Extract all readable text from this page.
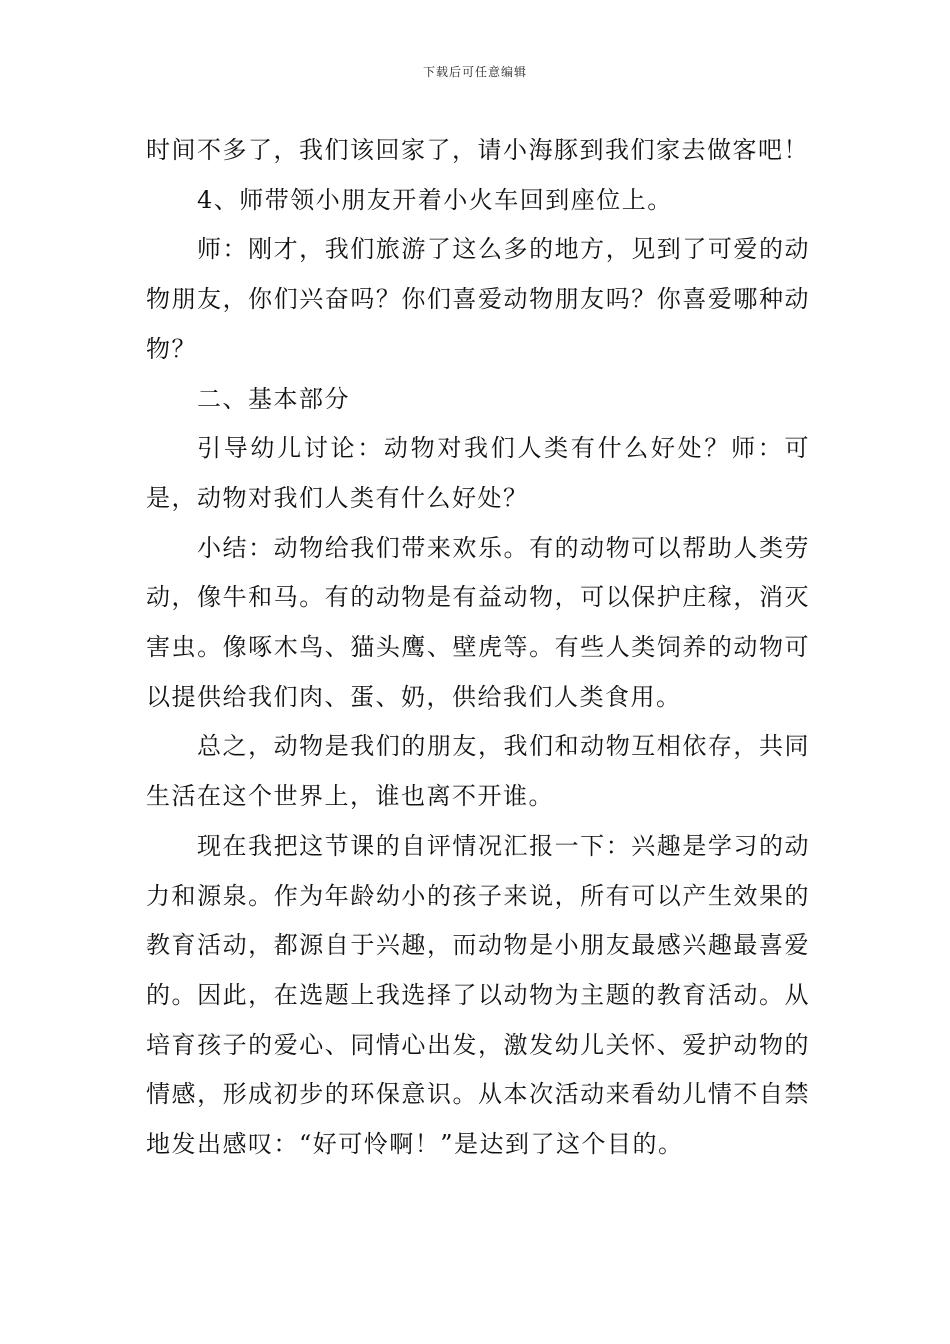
下载后可任意编辑

时间不多了，我们该回家了，请小海豚到我们家去做客吧！

4、师带领小朋友开着小火车回到座位上。

师：刚才，我们旅游了这么多的地方，见到了可爱的动物朋友，你们兴奋吗？你们喜爱动物朋友吗？你喜爱哪种动物？

二、基本部分

引导幼儿讨论：动物对我们人类有什么好处？师：可是，动物对我们人类有什么好处？

小结：动物给我们带来欢乐。有的动物可以帮助人类劳动，像牛和马。有的动物是有益动物，可以保护庄稼，消灭害虫。像啄木鸟、猫头鹰、壁虎等。有些人类饲养的动物可以提供给我们肉、蛋、奶，供给我们人类食用。

总之，动物是我们的朋友，我们和动物互相依存，共同生活在这个世界上，谁也离不开谁。

现在我把这节课的自评情况汇报一下：兴趣是学习的动力和源泉。作为年龄幼小的孩子来说，所有可以产生效果的教育活动，都源自于兴趣，而动物是小朋友最感兴趣最喜爱的。因此，在选题上我选择了以动物为主题的教育活动。从培育孩子的爱心、同情心出发，激发幼儿关怀、爱护动物的情感，形成初步的环保意识。从本次活动来看幼儿情不自禁地发出感叹：“好可怜啊！”是达到了这个目的。
